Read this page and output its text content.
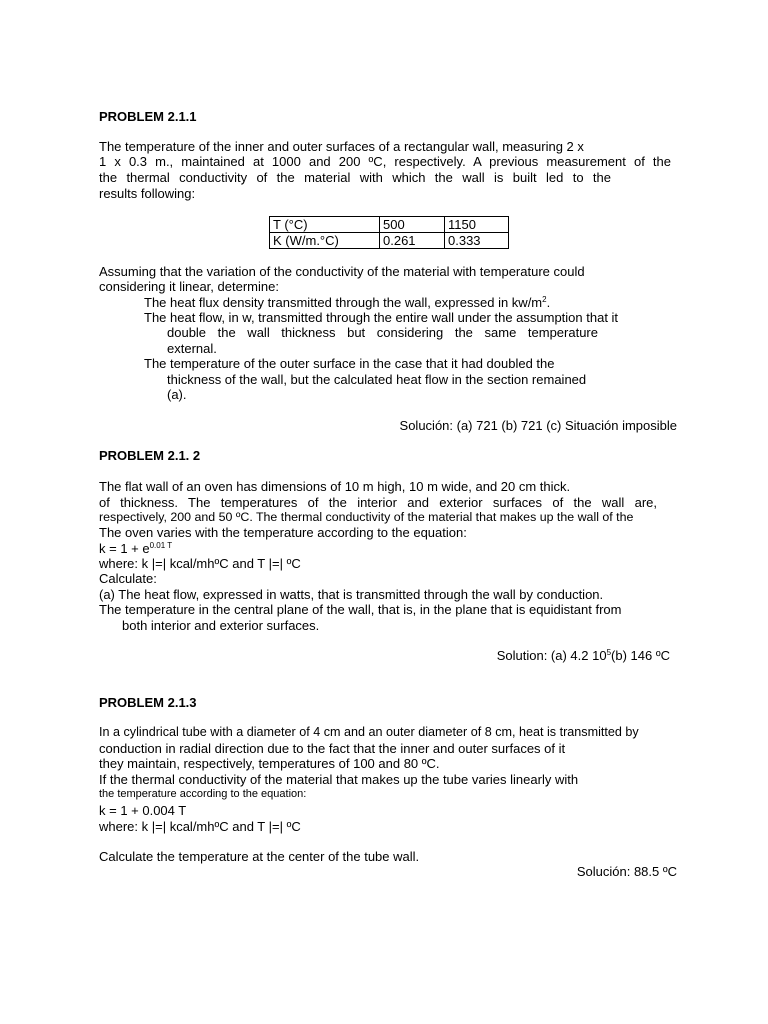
PROBLEM 2.1.1
The temperature of the inner and outer surfaces of a rectangular wall, measuring 2 x
1 x 0.3 m., maintained at 1000 and 200 ºC, respectively. A previous measurement of the
the thermal conductivity of the material with which the wall is built led to the
results following:
T (°C)	500	1150
K (W/m.°C)	0.261	0.333
Assuming that the variation of the conductivity of the material with temperature could
considering it linear, determine:
The heat flux density transmitted through the wall, expressed in $kw/m^2$.
The heat flow, in w, transmitted through the entire wall under the assumption that it
double the wall thickness but considering the same temperature
external.
The temperature of the outer surface in the case that it had doubled the
thickness of the wall, but the calculated heat flow in the section remained
(a).
Solución: (a) 721 (b) 721 (c) Situación imposible
PROBLEM 2.1. 2
The flat wall of an oven has dimensions of 10 m high, 10 m wide, and 20 cm thick.
of thickness. The temperatures of the interior and exterior surfaces of the wall are,
respectively, 200 and 50 ºC. The thermal conductivity of the material that makes up the wall of the
The oven varies with the temperature according to the equation:
$k = 1 + e^{0.01 T}$
where: k |=| kcal/mhºC and T |=| ºC
Calculate:
(a) The heat flow, expressed in watts, that is transmitted through the wall by conduction.
The temperature in the central plane of the wall, that is, in the plane that is equidistant from
both interior and exterior surfaces.
Solution: (a) 4.2 $10^5(b)$ 146 ºC
PROBLEM 2.1.3
In a cylindrical tube with a diameter of 4 cm and an outer diameter of 8 cm, heat is transmitted by
conduction in radial direction due to the fact that the inner and outer surfaces of it
they maintain, respectively, temperatures of 100 and 80 ºC.
If the thermal conductivity of the material that makes up the tube varies linearly with
the temperature according to the equation:
k = 1 + 0.004 T
where: k |=| kcal/mhºC and T |=| ºC
Calculate the temperature at the center of the tube wall.
Solución: 88.5 ºC
